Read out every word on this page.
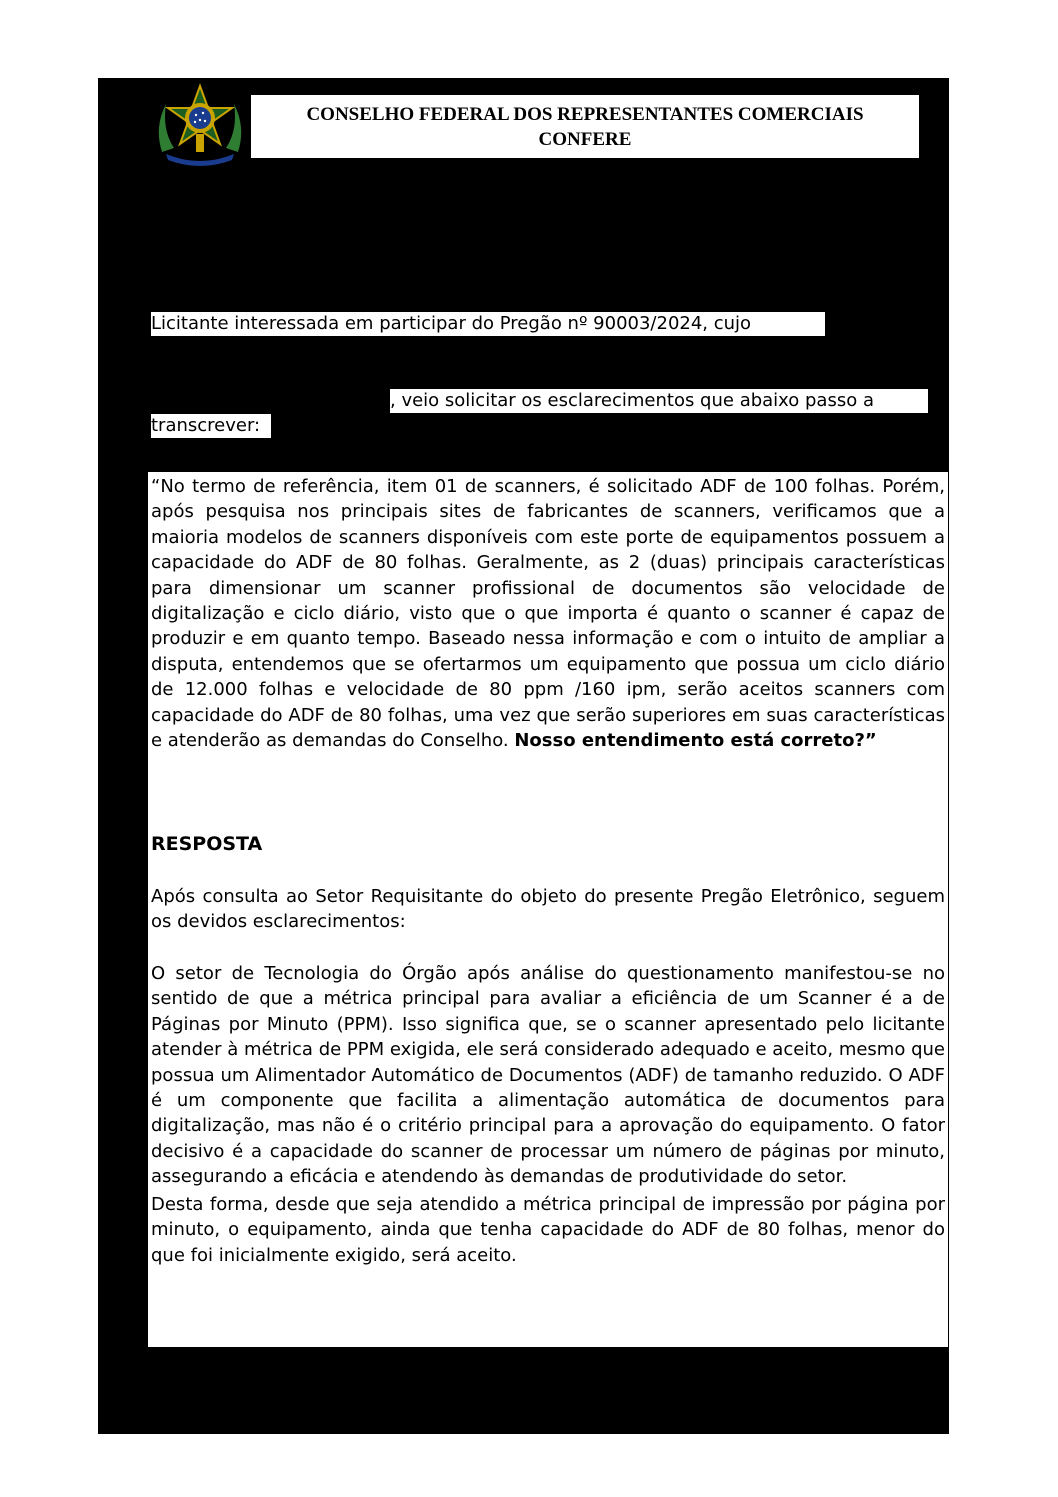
CONSELHO FEDERAL DOS REPRESENTANTES COMERCIAIS
CONFERE
Licitante interessada em participar do Pregão nº 90003/2024, cujo
, veio solicitar os esclarecimentos que abaixo passo a
transcrever:

“No termo de referência, item 01 de scanners, é solicitado ADF de 100 folhas. Porém, após pesquisa nos principais sites de fabricantes de scanners, verificamos que a maioria modelos de scanners disponíveis com este porte de equipamentos possuem a capacidade do ADF de 80 folhas. Geralmente, as 2 (duas) principais características para dimensionar um scanner profissional de documentos são velocidade de digitalização e ciclo diário, visto que o que importa é quanto o scanner é capaz de produzir e em quanto tempo. Baseado nessa informação e com o intuito de ampliar a disputa, entendemos que se ofertarmos um equipamento que possua um ciclo diário de 12.000 folhas e velocidade de 80 ppm /160 ipm, serão aceitos scanners com capacidade do ADF de 80 folhas, uma vez que serão superiores em suas características e atenderão as demandas do Conselho. Nosso entendimento está correto?”

RESPOSTA

Após consulta ao Setor Requisitante do objeto do presente Pregão Eletrônico, seguem os devidos esclarecimentos:

O setor de Tecnologia do Órgão após análise do questionamento manifestou-se no sentido de que a métrica principal para avaliar a eficiência de um Scanner é a de Páginas por Minuto (PPM). Isso significa que, se o scanner apresentado pelo licitante atender à métrica de PPM exigida, ele será considerado adequado e aceito, mesmo que possua um Alimentador Automático de Documentos (ADF) de tamanho reduzido. O ADF é um componente que facilita a alimentação automática de documentos para digitalização, mas não é o critério principal para a aprovação do equipamento. O fator decisivo é a capacidade do scanner de processar um número de páginas por minuto, assegurando a eficácia e atendendo às demandas de produtividade do setor.

Desta forma, desde que seja atendido a métrica principal de impressão por página por minuto, o equipamento, ainda que tenha capacidade do ADF de 80 folhas, menor do que foi inicialmente exigido, será aceito.
